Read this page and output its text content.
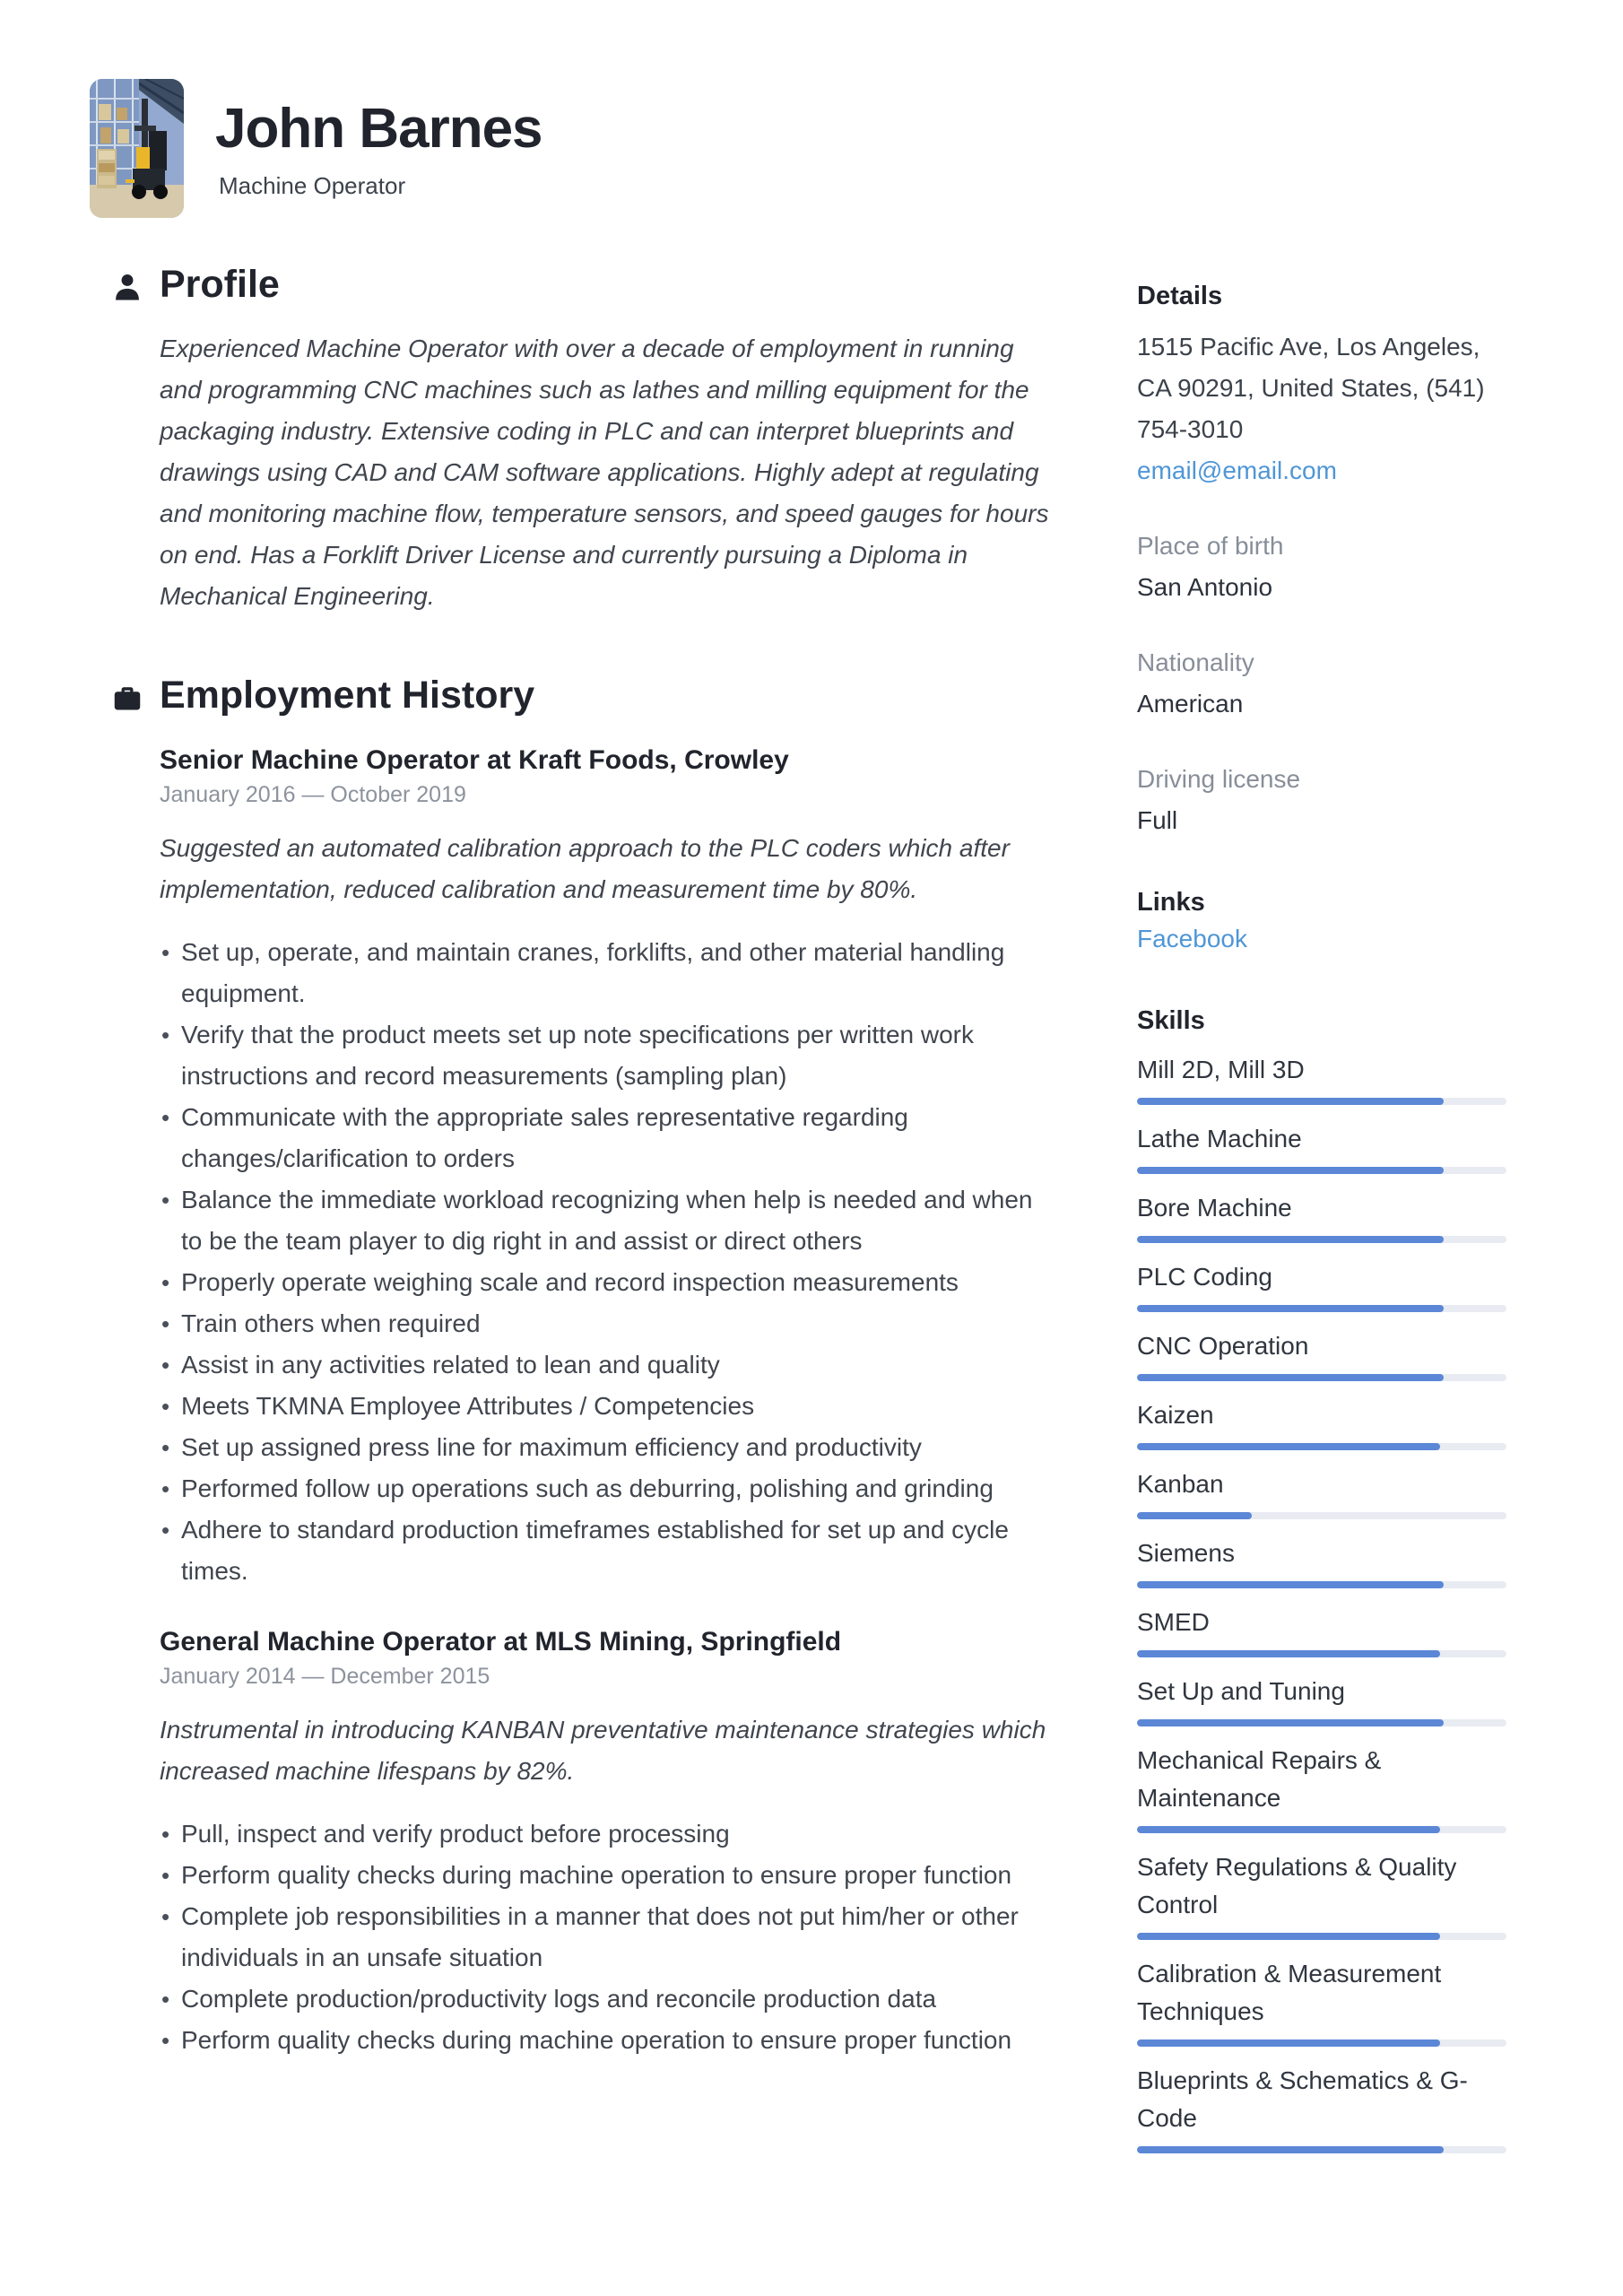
John Barnes
Machine Operator
Profile

Experienced Machine Operator with over a decade of employment in running and programming CNC machines such as lathes and milling equipment for the packaging industry. Extensive coding in PLC and can interpret blueprints and drawings using CAD and CAM software applications. Highly adept at regulating and monitoring machine flow, temperature sensors, and speed gauges for hours on end. Has a Forklift Driver License and currently pursuing a Diploma in Mechanical Engineering.

Employment History
Senior Machine Operator at Kraft Foods, Crowley
January 2016 — October 2019

Suggested an automated calibration approach to the PLC coders which after implementation, reduced calibration and measurement time by 80%.

• Set up, operate, and maintain cranes, forklifts, and other material handling equipment.
• Verify that the product meets set up note specifications per written work instructions and record measurements (sampling plan)
• Communicate with the appropriate sales representative regarding changes/clarification to orders
• Balance the immediate workload recognizing when help is needed and when to be the team player to dig right in and assist or direct others
• Properly operate weighing scale and record inspection measurements
• Train others when required
• Assist in any activities related to lean and quality
• Meets TKMNA Employee Attributes / Competencies
• Set up assigned press line for maximum efficiency and productivity
• Performed follow up operations such as deburring, polishing and grinding
• Adhere to standard production timeframes established for set up and cycle times.
General Machine Operator at MLS Mining, Springfield
January 2014 — December 2015

Instrumental in introducing KANBAN preventative maintenance strategies which increased machine lifespans by 82%.

• Pull, inspect and verify product before processing
• Perform quality checks during machine operation to ensure proper function
• Complete job responsibilities in a manner that does not put him/her or other individuals in an unsafe situation
• Complete production/productivity logs and reconcile production data
• Perform quality checks during machine operation to ensure proper function
Details
1515 Pacific Ave, Los Angeles, CA 90291, United States, (541) 754-3010
email@email.com
Place of birth
San Antonio
Nationality
American
Driving license
Full
Links
Facebook
Skills
Mill 2D, Mill 3D
Lathe Machine
Bore Machine
PLC Coding
CNC Operation
Kaizen
Kanban
Siemens
SMED
Set Up and Tuning
Mechanical Repairs & Maintenance
Safety Regulations & Quality Control
Calibration & Measurement Techniques
Blueprints & Schematics & G-Code
